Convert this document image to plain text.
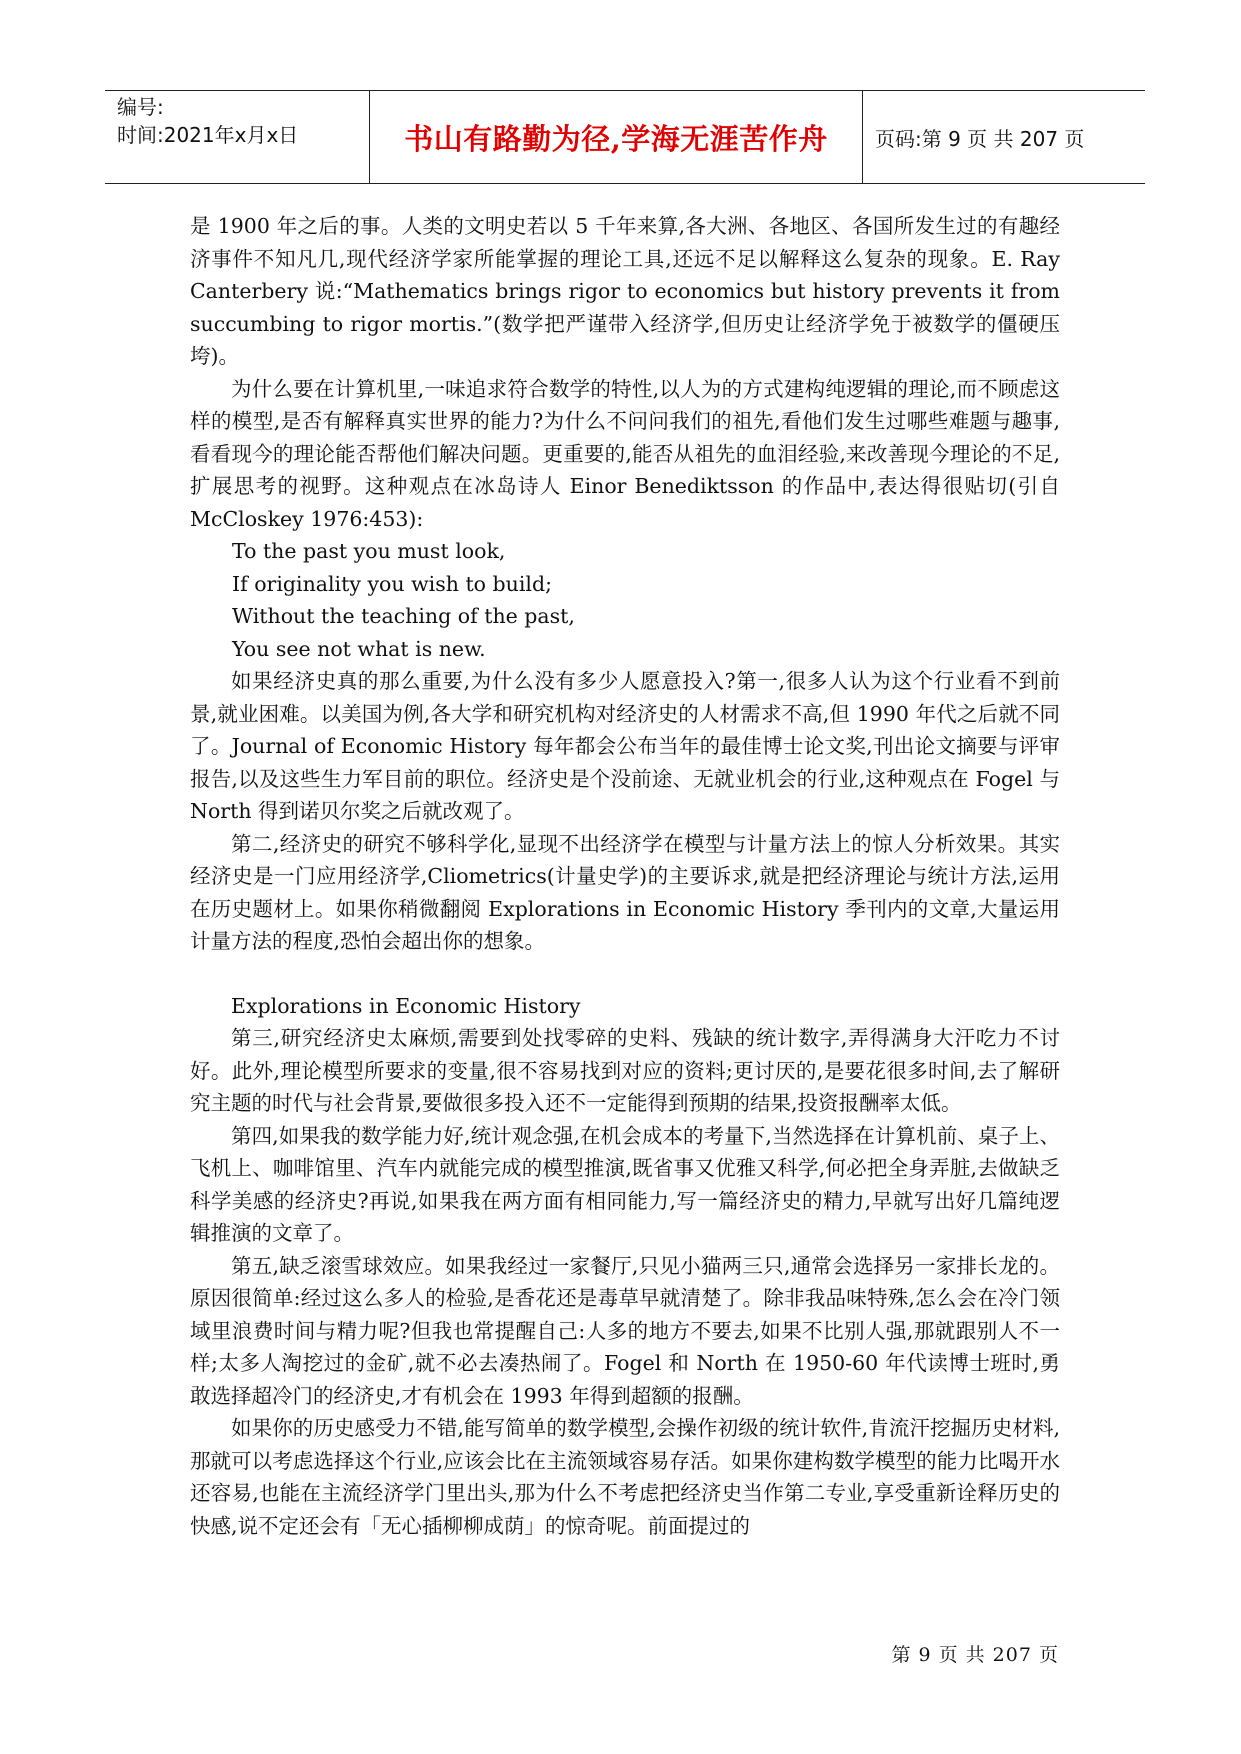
编号:
时间:2021年x月x日	书山有路勤为径,学海无涯苦作舟	页码:第 9 页 共 207 页

是 1900 年之后的事。人类的文明史若以 5 千年来算,各大洲、各地区、各国所发生过的有趣经济事件不知凡几,现代经济学家所能掌握的理论工具,还远不足以解释这么复杂的现象。E. Ray Canterbery 说:“Mathematics brings rigor to economics but history prevents it from succumbing to rigor mortis.”(数学把严谨带入经济学,但历史让经济学免于被数学的僵硬压垮)。

为什么要在计算机里,一味追求符合数学的特性,以人为的方式建构纯逻辑的理论,而不顾虑这样的模型,是否有解释真实世界的能力?为什么不问问我们的祖先,看他们发生过哪些难题与趣事,看看现今的理论能否帮他们解决问题。更重要的,能否从祖先的血泪经验,来改善现今理论的不足,扩展思考的视野。这种观点在冰岛诗人 Einor Benediktsson 的作品中,表达得很贴切(引自 McCloskey 1976:453):

To the past you must look,

If originality you wish to build;

Without the teaching of the past,

You see not what is new.

如果经济史真的那么重要,为什么没有多少人愿意投入?第一,很多人认为这个行业看不到前景,就业困难。以美国为例,各大学和研究机构对经济史的人材需求不高,但 1990 年代之后就不同了。Journal of Economic History 每年都会公布当年的最佳博士论文奖,刊出论文摘要与评审报告,以及这些生力军目前的职位。经济史是个没前途、无就业机会的行业,这种观点在 Fogel 与 North 得到诺贝尔奖之后就改观了。

第二,经济史的研究不够科学化,显现不出经济学在模型与计量方法上的惊人分析效果。其实经济史是一门应用经济学,Cliometrics(计量史学)的主要诉求,就是把经济理论与统计方法,运用在历史题材上。如果你稍微翻阅 Explorations in Economic History 季刊内的文章,大量运用计量方法的程度,恐怕会超出你的想象。

Explorations in Economic History

第三,研究经济史太麻烦,需要到处找零碎的史料、残缺的统计数字,弄得满身大汗吃力不讨好。此外,理论模型所要求的变量,很不容易找到对应的资料;更讨厌的,是要花很多时间,去了解研究主题的时代与社会背景,要做很多投入还不一定能得到预期的结果,投资报酬率太低。

第四,如果我的数学能力好,统计观念强,在机会成本的考量下,当然选择在计算机前、桌子上、飞机上、咖啡馆里、汽车内就能完成的模型推演,既省事又优雅又科学,何必把全身弄脏,去做缺乏科学美感的经济史?再说,如果我在两方面有相同能力,写一篇经济史的精力,早就写出好几篇纯逻辑推演的文章了。

第五,缺乏滚雪球效应。如果我经过一家餐厅,只见小猫两三只,通常会选择另一家排长龙的。原因很简单:经过这么多人的检验,是香花还是毒草早就清楚了。除非我品味特殊,怎么会在冷门领域里浪费时间与精力呢?但我也常提醒自己:人多的地方不要去,如果不比别人强,那就跟别人不一样;太多人淘挖过的金矿,就不必去凑热闹了。Fogel 和 North 在 1950-60 年代读博士班时,勇敢选择超冷门的经济史,才有机会在 1993 年得到超额的报酬。

如果你的历史感受力不错,能写简单的数学模型,会操作初级的统计软件,肯流汗挖掘历史材料,那就可以考虑选择这个行业,应该会比在主流领域容易存活。如果你建构数学模型的能力比喝开水还容易,也能在主流经济学门里出头,那为什么不考虑把经济史当作第二专业,享受重新诠释历史的快感,说不定还会有「无心插柳柳成荫」的惊奇呢。前面提过的

第 9 页 共 207 页
